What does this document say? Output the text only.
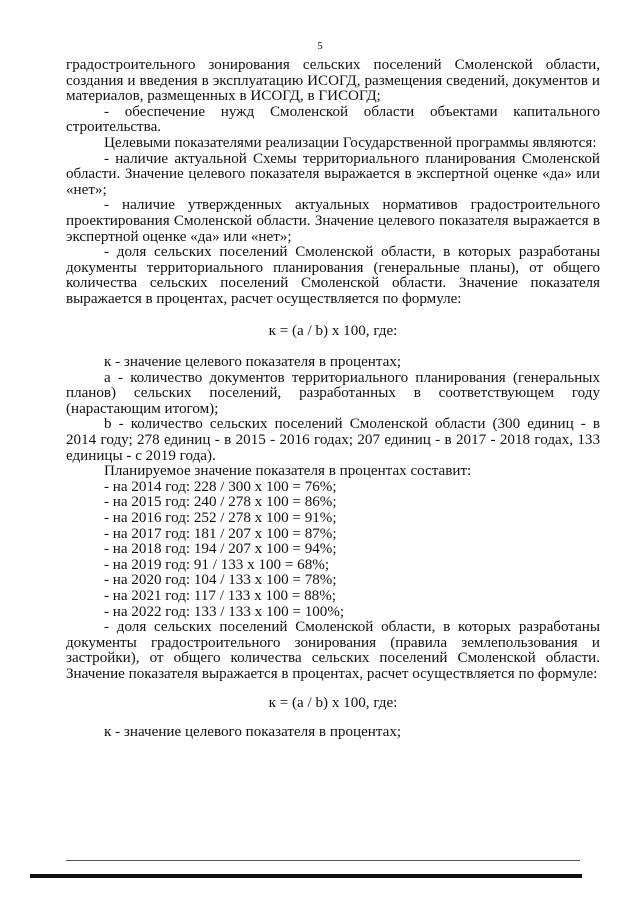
5

градостроительного зонирования сельских поселений Смоленской области, создания и введения в эксплуатацию ИСОГД, размещения сведений, документов и материалов, размещенных в ИСОГД, в ГИСОГД;

- обеспечение нужд Смоленской области объектами капитального строительства.

Целевыми показателями реализации Государственной программы являются:

- наличие актуальной Схемы территориального планирования Смоленской области. Значение целевого показателя выражается в экспертной оценке «да» или «нет»;

- наличие утвержденных актуальных нормативов градостроительного проектирования Смоленской области. Значение целевого показателя выражается в экспертной оценке «да» или «нет»;

- доля сельских поселений Смоленской области, в которых разработаны документы территориального планирования (генеральные планы), от общего количества сельских поселений Смоленской области. Значение показателя выражается в процентах, расчет осуществляется по формуле:

к = (a / b) x 100, где:

к - значение целевого показателя в процентах;

a - количество документов территориального планирования (генеральных планов) сельских поселений, разработанных в соответствующем году (нарастающим итогом);

b - количество сельских поселений Смоленской области (300 единиц - в 2014 году; 278 единиц - в 2015 - 2016 годах; 207 единиц - в 2017 - 2018 годах, 133 единицы - с 2019 года).

Планируемое значение показателя в процентах составит:

- на 2014 год: 228 / 300 x 100 = 76%;

- на 2015 год: 240 / 278 x 100 = 86%;

- на 2016 год: 252 / 278 x 100 = 91%;

- на 2017 год: 181 / 207 x 100 = 87%;

- на 2018 год: 194 / 207 x 100 = 94%;

- на 2019 год: 91 / 133 x 100 = 68%;

- на 2020 год: 104 / 133 x 100 = 78%;

- на 2021 год: 117 / 133 x 100 = 88%;

- на 2022 год: 133 / 133 x 100 = 100%;

- доля сельских поселений Смоленской области, в которых разработаны документы градостроительного зонирования (правила землепользования и застройки), от общего количества сельских поселений Смоленской области. Значение показателя выражается в процентах, расчет осуществляется по формуле:

к = (a / b) x 100, где:

к - значение целевого показателя в процентах;
